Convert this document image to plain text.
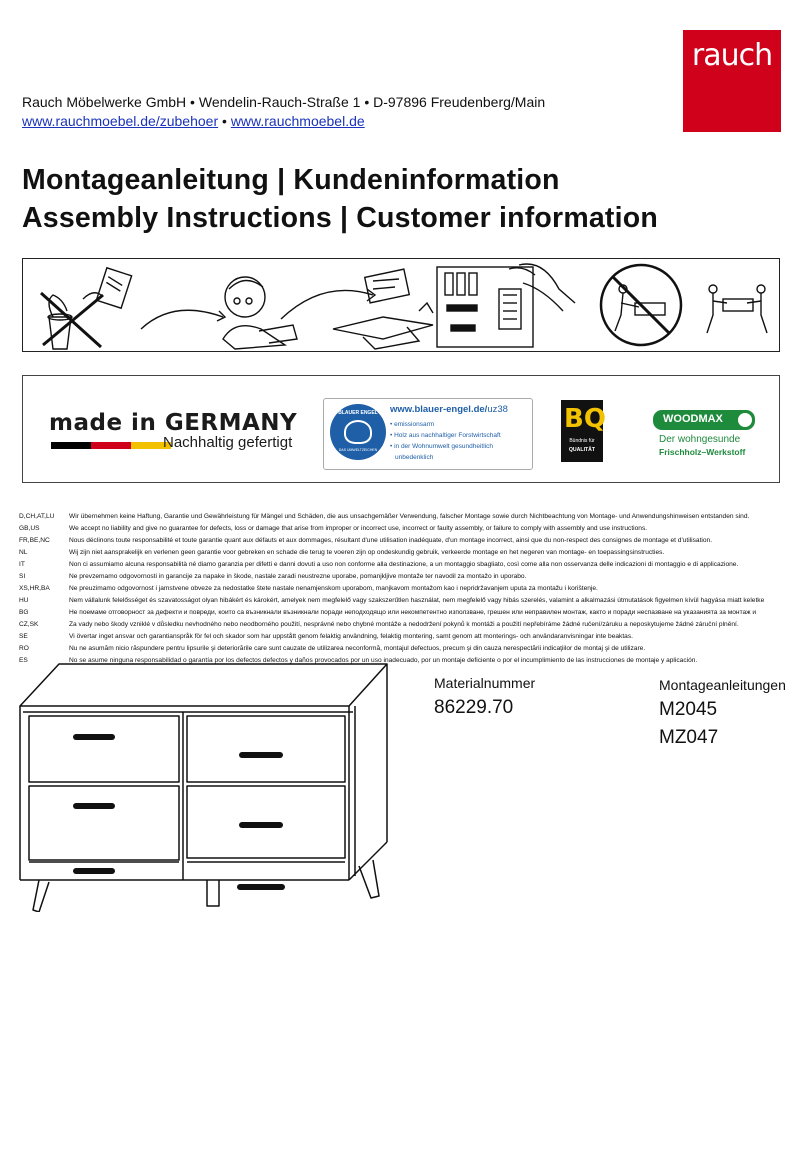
rauch
Rauch Möbelwerke GmbH • Wendelin-Rauch-Straße 1 • D-97896 Freudenberg/Main
www.rauchmoebel.de/zubehoer • www.rauchmoebel.de
Montageanleitung | Kundeninformation
Assembly Instructions | Customer information
made in GERMANY
Nachhaltig gefertigt
BLAUER ENGEL
DAS UMWELTZEICHEN
www.blauer-engel.de/uz38
• emissionsarm
• Holz aus nachhaltiger Forstwirtschaft
• in der Wohnumwelt gesundheitlich
unbedenklich
BQ
Bündnis für
QUALITÄT
WOODMAX
Der wohngesunde
Frischholz–Werkstoff
D,CH,AT,LU Wir übernehmen keine Haftung, Garantie und Gewährleistung für Mängel und Schäden, die aus unsachgemäßer Verwendung, falscher Montage sowie durch Nichtbeachtung von Montage- und Anwendungshinweisen entstanden sind.
GB,US	We accept no liability and give no guarantee for defects, loss or damage that arise from improper or incorrect use, incorrect or faulty assembly, or failure to comply with assembly and use instructions.
FR,BE,NC	Nous déclinons toute responsabilité et toute garantie quant aux défauts et aux dommages, résultant d'une utilisation inadéquate, d'un montage incorrect, ainsi que du non-respect des consignes de montage et d'utilisation.
NL	Wij zijn niet aansprakelijk en verlenen geen garantie voor gebreken en schade die terug te voeren zijn op ondeskundig gebruik, verkeerde montage en het negeren van montage- en toepassingsinstructies.
IT	Non ci assumiamo alcuna responsabilità né diamo garanzia per difetti e danni dovuti a uso non conforme alla destinazione, a un montaggio sbagliato, così come alla non osservanza delle indicazioni di montaggio e di applicazione.
SI	Ne prevzemamo odgovornosti in garancije za napake in škode, nastale zaradi neustrezne uporabe, pomanjkljive montaže ter navodil za montažo in uporabo.
XS,HR,BA	Ne preuzimamo odgovornost i jamstvene obveze za nedostatke štete nastale nenamjenskom uporabom, manjkavom montažom kao i nepridržavanjem uputa za montažu i korištenje.
HU	Nem vállalunk felelősséget és szavatosságot olyan hibákért és károkért, amelyek nem megfelelő vagy szakszerűtlen használat, nem megfelelő vagy hibás szerelés, valamint a alkalmazási útmutatások figyelmen kívül hagyása miatt keletke
BG	Не поемаме отговорност за дефекти и повреди, които са възникнали възникнали поради неподходящо или некомпетентно използване, грешен или неправилен монтаж, както и поради неспазване на указанията за монтаж и
CZ,SK	Za vady nebo škody vzniklé v důsledku nevhodného nebo neodborného použití, nesprávné nebo chybné montáže a nedodržení pokynů k montáži a použití nepřebíráme žádné ručení/záruku a neposkytujeme žádné záruční plnění.
SE	Vi övertar inget ansvar och garantianspråk för fel och skador som har uppstått genom felaktig användning, felaktig montering, samt genom att monterings- och användaranvisningar inte beaktas.
RO	Nu ne asumăm nicio răspundere pentru lipsurile şi deteriorările care sunt cauzate de utilizarea neconformă, montajul defectuos, precum şi din cauza nerespectării indicaţiilor de montaj şi de utilizare.
ES	No se asume ninguna responsabilidad o garantía por los defectos defectos y daños provocados por un uso inadecuado, por un montaje deficiente o por el incumplimiento de las instrucciones de montaje y aplicación.
Materialnummer
86229.70
Montageanleitungen
M2045
MZ047
